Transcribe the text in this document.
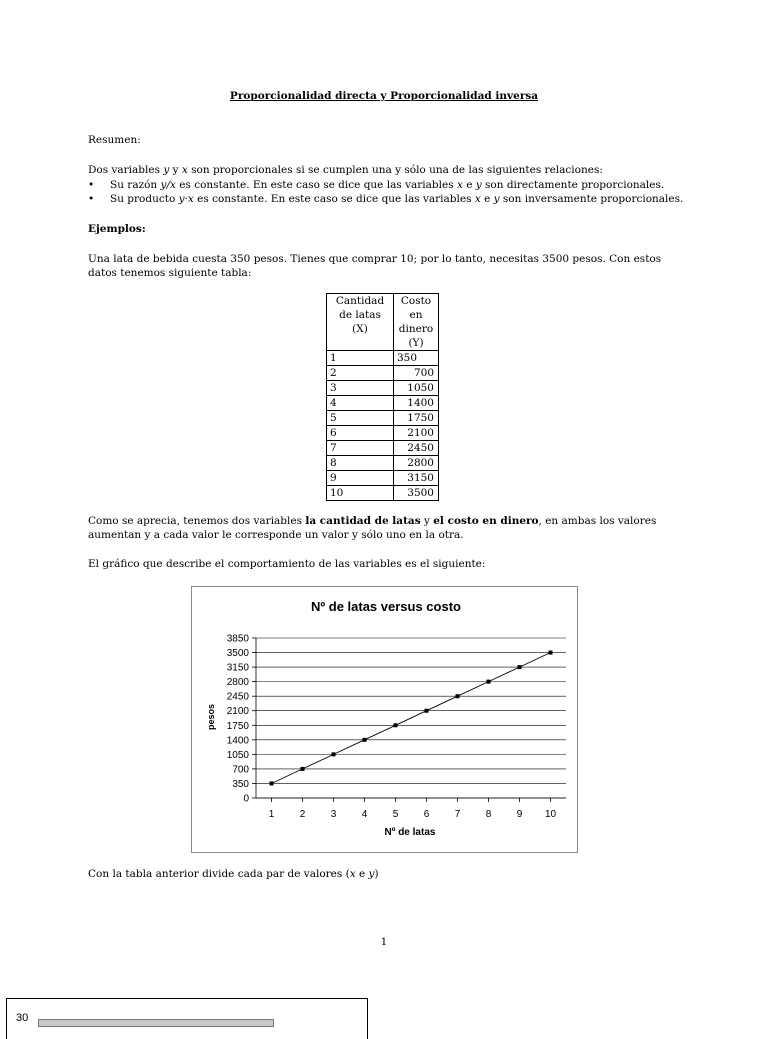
Proporcionalidad directa y Proporcionalidad inversa

Resumen:

Dos variables y y x son proporcionales si se cumplen una y sólo una de las siguientes relaciones:

• Su razón y/x es constante. En este caso se dice que las variables x e y son directamente proporcionales.
• Su producto y·x es constante. En este caso se dice que las variables x e y son inversamente proporcionales.

Ejemplos:

Una lata de bebida cuesta 350 pesos. Tienes que comprar 10; por lo tanto, necesitas 3500 pesos. Con estos datos tenemos siguiente tabla:

Cantidad de latas (X)	Costo en dinero (Y)
1	350
2	700
3	1050
4	1400
5	1750
6	2100
7	2450
8	2800
9	3150
10	3500

Como se aprecia, tenemos dos variables la cantidad de latas y el costo en dinero, en ambas los valores aumentan y a cada valor le corresponde un valor y sólo uno en la otra.

El gráfico que describe el comportamiento de las variables es el siguiente:

Nº de latas versus costo
pesos
Nº de latas
0
350
700
1050
1400
1750
2100
2450
2800
3150
3500
3850
1	2	3	4	5	6	7	8	9 10

Con la tabla anterior divide cada par de valores (x e y)

1
30
